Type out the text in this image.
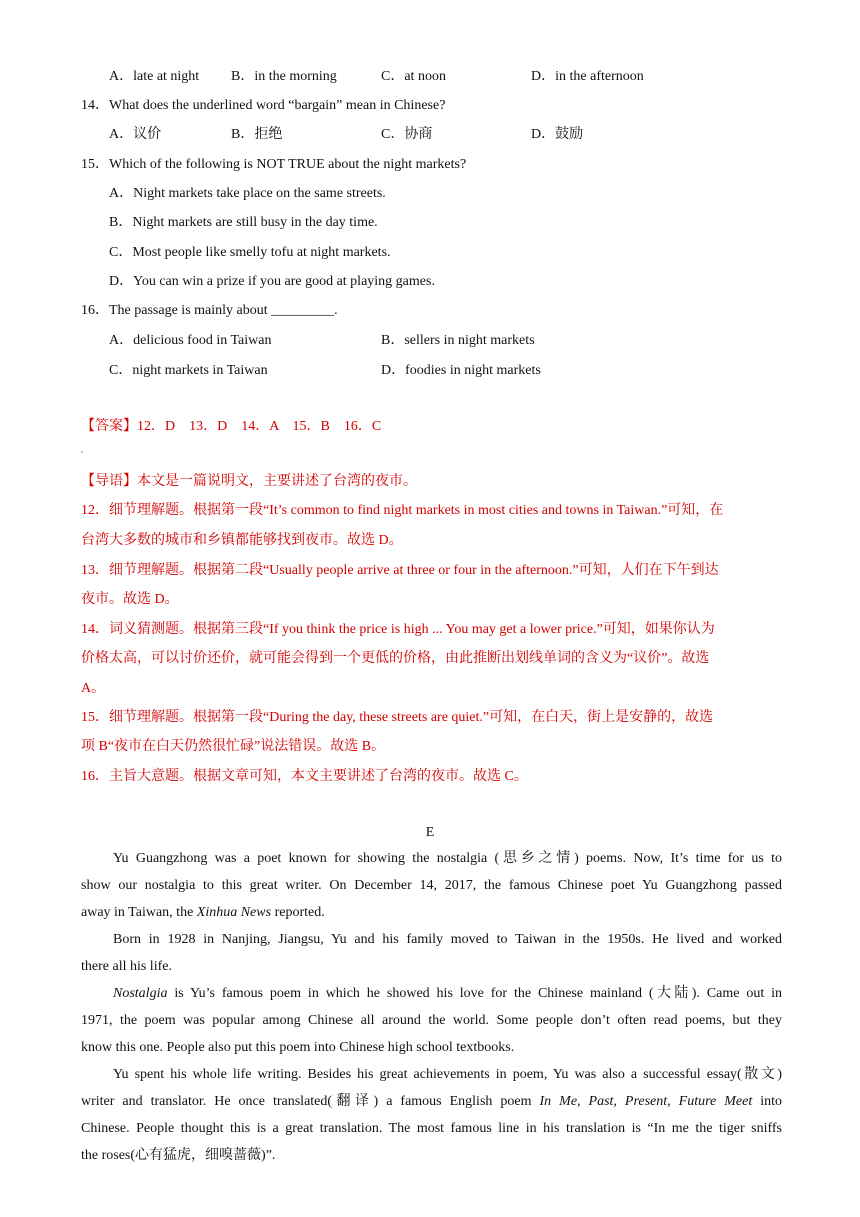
A．late at night B．in the morning	C．at noon	D．in the afternoon
14．What does the underlined word “bargain” mean in Chinese?
A．议价	B．拒绝	C．协商	D．鼓励
15．Which of the following is NOT TRUE about the night markets?
A．Night markets take place on the same streets.
B．Night markets are still busy in the day time.
C．Most people like smelly tofu at night markets.
D．You can win a prize if you are good at playing games.
16．The passage is mainly about _________.
A．delicious food in Taiwan	B．sellers in night markets
C．night markets in Taiwan	D．foodies in night markets
【答案】12．D    13．D    14．A    15．B    16．C
【导语】本文是一篇说明文，主要讲述了台湾的夜市。
12．细节理解题。根据第一段“It’s common to find night markets in most cities and towns in Taiwan.”可知，在
台湾大多数的城市和乡镇都能够找到夜市。故选 D。
13．细节理解题。根据第二段“Usually people arrive at three or four in the afternoon.”可知，人们在下午到达
夜市。故选 D。
14．词义猜测题。根据第三段“If you think the price is high ... You may get a lower price.”可知，如果你认为
价格太高，可以讨价还价，就可能会得到一个更低的价格，由此推断出划线单词的含义为“议价”。故选
A。
15．细节理解题。根据第一段“During the day, these streets are quiet.”可知，在白天，街上是安静的，故选
项 B“夜市在白天仍然很忙碌”说法错误。故选 B。
16．主旨大意题。根据文章可知，本文主要讲述了台湾的夜市。故选 C。
E
Yu Guangzhong was a poet known for showing the nostalgia (思乡之情) poems. Now, It’s time for us to
show our nostalgia to this great writer. On December 14, 2017, the famous Chinese poet Yu Guangzhong passed
away in Taiwan, the Xinhua News reported.
Born in 1928 in Nanjing, Jiangsu, Yu and his family moved to Taiwan in the 1950s. He lived and worked
there all his life.
Nostalgia is Yu’s famous poem in which he showed his love for the Chinese mainland (大陆). Came out in
1971, the poem was popular among Chinese all around the world. Some people don’t often read poems, but they
know this one. People also put this poem into Chinese high school textbooks.
Yu spent his whole life writing. Besides his great achievements in poem, Yu was also a successful essay(散文)
writer and translator. He once translated(翻译) a famous English poem In Me, Past, Present, Future Meet into
Chinese. People thought this is a great translation. The most famous line in his translation is “In me the tiger sniffs
the roses(心有猛虎，细嗅蔷薇)”.
